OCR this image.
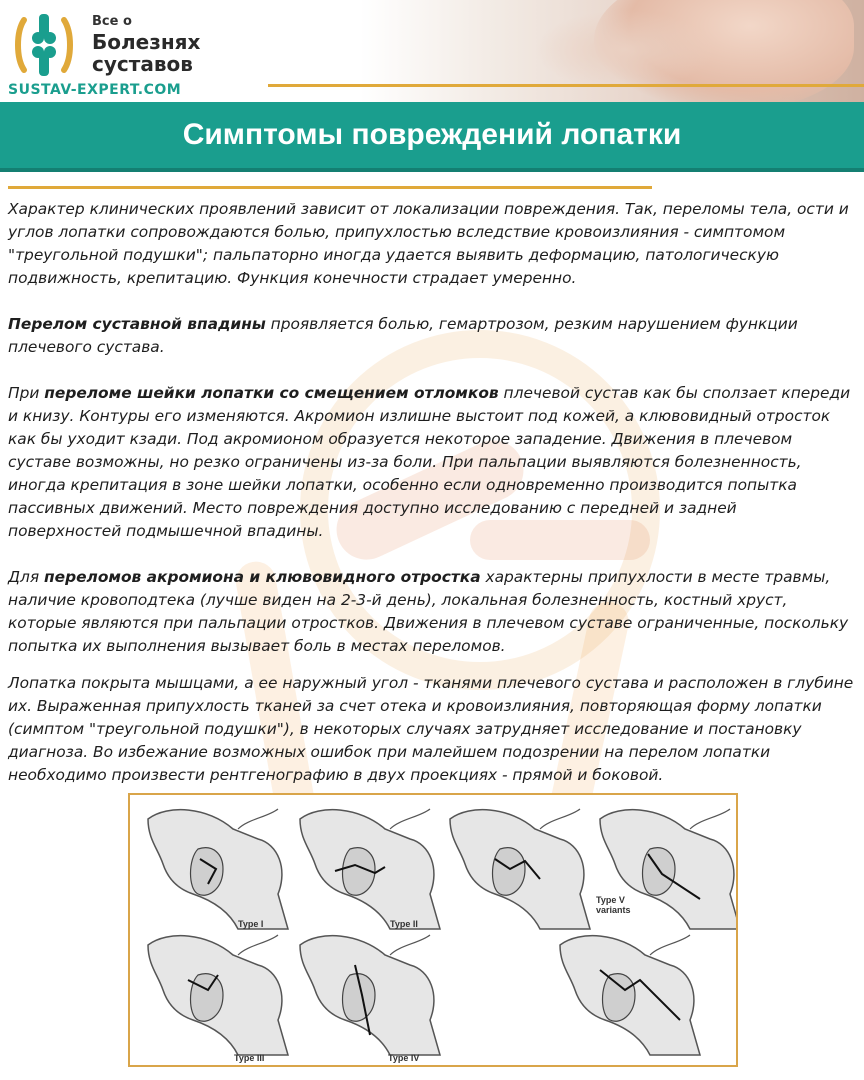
Все о
Болезнях
суставов
SUSTAV-EXPERT.COM
Симптомы повреждений лопатки

Характер клинических проявлений зависит от локализации повреждения. Так, переломы тела, ости и углов лопатки сопровождаются болью, припухлостью вследствие кровоизлияния - симптомом "треугольной подушки"; пальпаторно иногда удается выявить деформацию, патологическую подвижность, крепитацию. Функция конечности страдает умеренно.

Перелом суставной впадины проявляется болью, гемартрозом, резким нарушением функции плечевого сустава.

При переломе шейки лопатки со смещением отломков плечевой сустав как бы сползает кпереди и книзу. Контуры его изменяются. Акромион излишне выстоит под кожей, а клювовидный отросток как бы уходит кзади. Под акромионом образуется некоторое западение. Движения в плечевом суставе возможны, но резко ограничены из-за боли. При пальпации выявляются болезненность, иногда крепитация в зоне шейки лопатки, особенно если одновременно производится попытка пассивных движений. Место повреждения доступно исследованию с передней и задней поверхностей подмышечной впадины.

Для переломов акромиона и клювовидного отростка характерны припухлости в месте травмы, наличие кровоподтека (лучше виден на 2-3-й день), локальная болезненность, костный хруст, которые являются при пальпации отростков. Движения в плечевом суставе ограниченные, поскольку попытка их выполнения вызывает боль в местах переломов.

Лопатка покрыта мышцами, а ее наружный угол - тканями плечевого сустава и расположен в глубине их. Выраженная припухлость тканей за счет отека и кровоизлияния, повторяющая форму лопатки (симптом "треугольной подушки"), в некоторых случаях затрудняет исследование и постановку диагноза. Во избежание возможных ошибок при малейшем подозрении на перелом лопатки необходимо произвести рентгенографию в двух проекциях - прямой и боковой.

Type I	Type II
Type V
variants
Type III	Type IV
